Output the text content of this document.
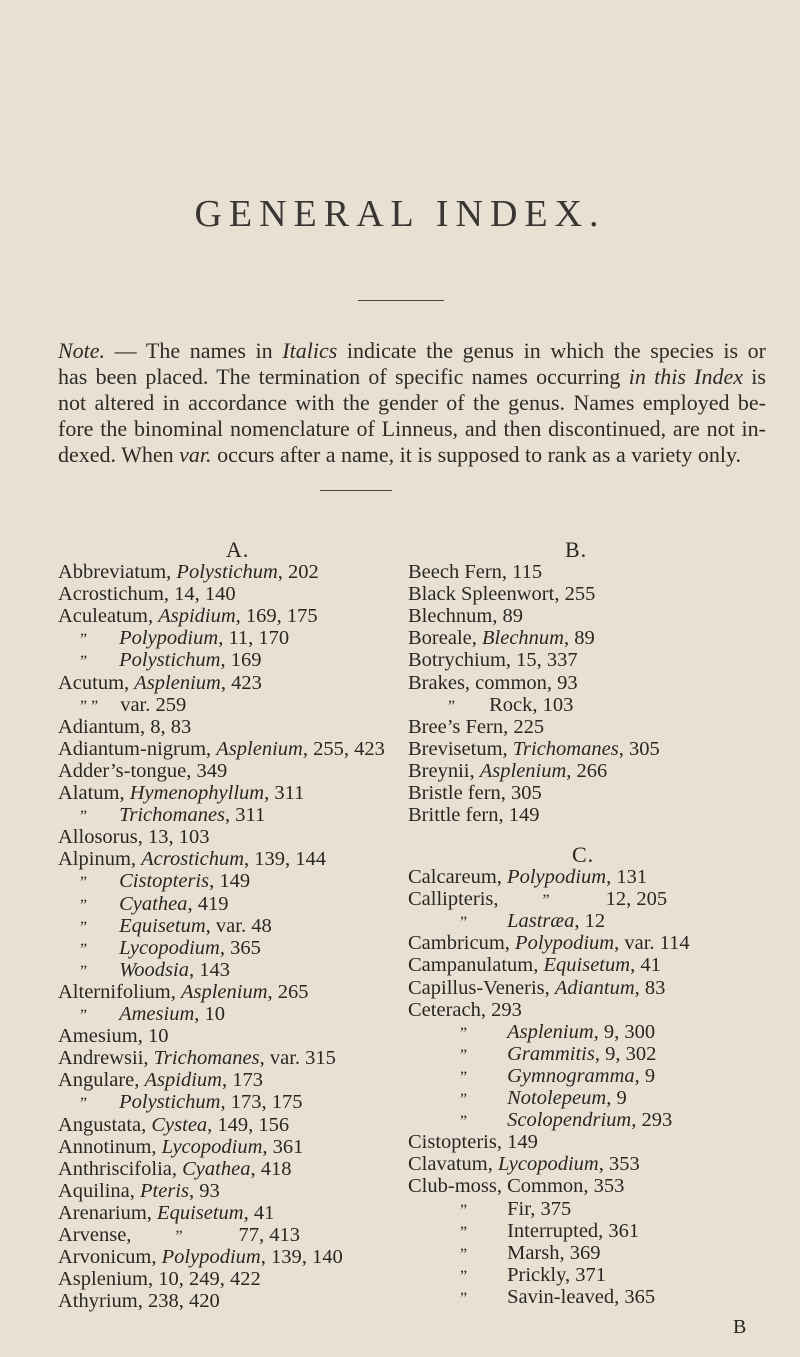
GENERAL INDEX.
Note. — The names in Italics indicate the genus in which the species is or
has been placed. The termination of specific names occurring in this Index is
not altered in accordance with the gender of the genus. Names employed be-
fore the binominal nomenclature of Linneus, and then discontinued, are not in-
dexed. When var. occurs after a name, it is supposed to rank as a variety only.
A.
Abbreviatum, Polystichum, 202
Acrostichum, 14, 140
Aculeatum, Aspidium, 169, 175
” Polypodium, 11, 170
” Polystichum, 169
Acutum, Asplenium, 423
” ” var. 259
Adiantum, 8, 83
Adiantum-nigrum, Asplenium, 255, 423
Adder’s-tongue, 349
Alatum, Hymenophyllum, 311
” Trichomanes, 311
Allosorus, 13, 103
Alpinum, Acrostichum, 139, 144
” Cistopteris, 149
” Cyathea, 419
” Equisetum, var. 48
” Lycopodium, 365
” Woodsia, 143
Alternifolium, Asplenium, 265
” Amesium, 10
Amesium, 10
Andrewsii, Trichomanes, var. 315
Angulare, Aspidium, 173
” Polystichum, 173, 175
Angustata, Cystea, 149, 156
Annotinum, Lycopodium, 361
Anthriscifolia, Cyathea, 418
Aquilina, Pteris, 93
Arenarium, Equisetum, 41
Arvense,	”	77, 413
Arvonicum, Polypodium, 139, 140
Asplenium, 10, 249, 422
Athyrium, 238, 420
B.
C.
Beech Fern, 115
Black Spleenwort, 255
Blechnum, 89
Boreale, Blechnum, 89
Botrychium, 15, 337
Brakes, common, 93
” Rock, 103
Bree’s Fern, 225
Brevisetum, Trichomanes, 305
Breynii, Asplenium, 266
Bristle fern, 305
Brittle fern, 149
Calcareum, Polypodium, 131
Callipteris,	”	12, 205
” Lastræa, 12
Cambricum, Polypodium, var. 114
Campanulatum, Equisetum, 41
Capillus-Veneris, Adiantum, 83
Ceterach, 293
” Asplenium, 9, 300
” Grammitis, 9, 302
” Gymnogramma, 9
” Notolepeum, 9
” Scolopendrium, 293
Cistopteris, 149
Clavatum, Lycopodium, 353
Club-moss, Common, 353
” Fir, 375
” Interrupted, 361
” Marsh, 369
” Prickly, 371
” Savin-leaved, 365
B
